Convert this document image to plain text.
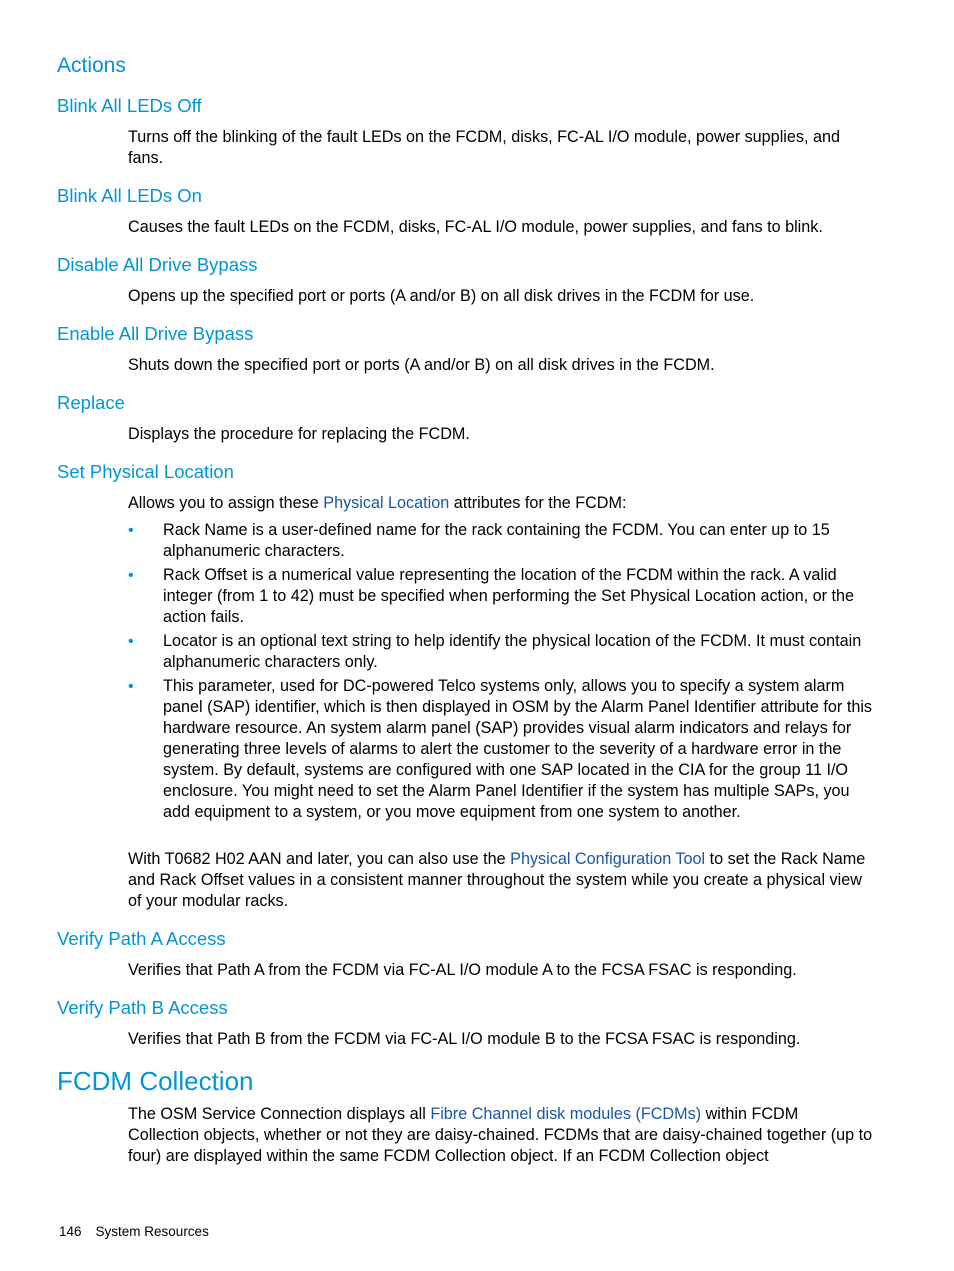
Actions
Blink All LEDs Off

Turns off the blinking of the fault LEDs on the FCDM, disks, FC-AL I/O module, power supplies, and fans.

Blink All LEDs On

Causes the fault LEDs on the FCDM, disks, FC-AL I/O module, power supplies, and fans to blink.

Disable All Drive Bypass

Opens up the specified port or ports (A and/or B) on all disk drives in the FCDM for use.

Enable All Drive Bypass

Shuts down the specified port or ports (A and/or B) on all disk drives in the FCDM.

Replace

Displays the procedure for replacing the FCDM.

Set Physical Location

Allows you to assign these Physical Location attributes for the FCDM:

• Rack Name is a user-defined name for the rack containing the FCDM. You can enter up to 15 alphanumeric characters.

• Rack Offset is a numerical value representing the location of the FCDM within the rack. A valid integer (from 1 to 42) must be specified when performing the Set Physical Location action, or the action fails.

• Locator is an optional text string to help identify the physical location of the FCDM. It must contain alphanumeric characters only.

• This parameter, used for DC-powered Telco systems only, allows you to specify a system alarm panel (SAP) identifier, which is then displayed in OSM by the Alarm Panel Identifier attribute for this hardware resource. An system alarm panel (SAP) provides visual alarm indicators and relays for generating three levels of alarms to alert the customer to the severity of a hardware error in the system. By default, systems are configured with one SAP located in the CIA for the group 11 I/O enclosure. You might need to set the Alarm Panel Identifier if the system has multiple SAPs, you add equipment to a system, or you move equipment from one system to another.

With T0682 H02 AAN and later, you can also use the Physical Configuration Tool to set the Rack Name and Rack Offset values in a consistent manner throughout the system while you create a physical view of your modular racks.

Verify Path A Access

Verifies that Path A from the FCDM via FC-AL I/O module A to the FCSA FSAC is responding.

Verify Path B Access

Verifies that Path B from the FCDM via FC-AL I/O module B to the FCSA FSAC is responding.

FCDM Collection

The OSM Service Connection displays all Fibre Channel disk modules (FCDMs) within FCDM Collection objects, whether or not they are daisy-chained. FCDMs that are daisy-chained together (up to four) are displayed within the same FCDM Collection object. If an FCDM Collection object

146 System Resources
